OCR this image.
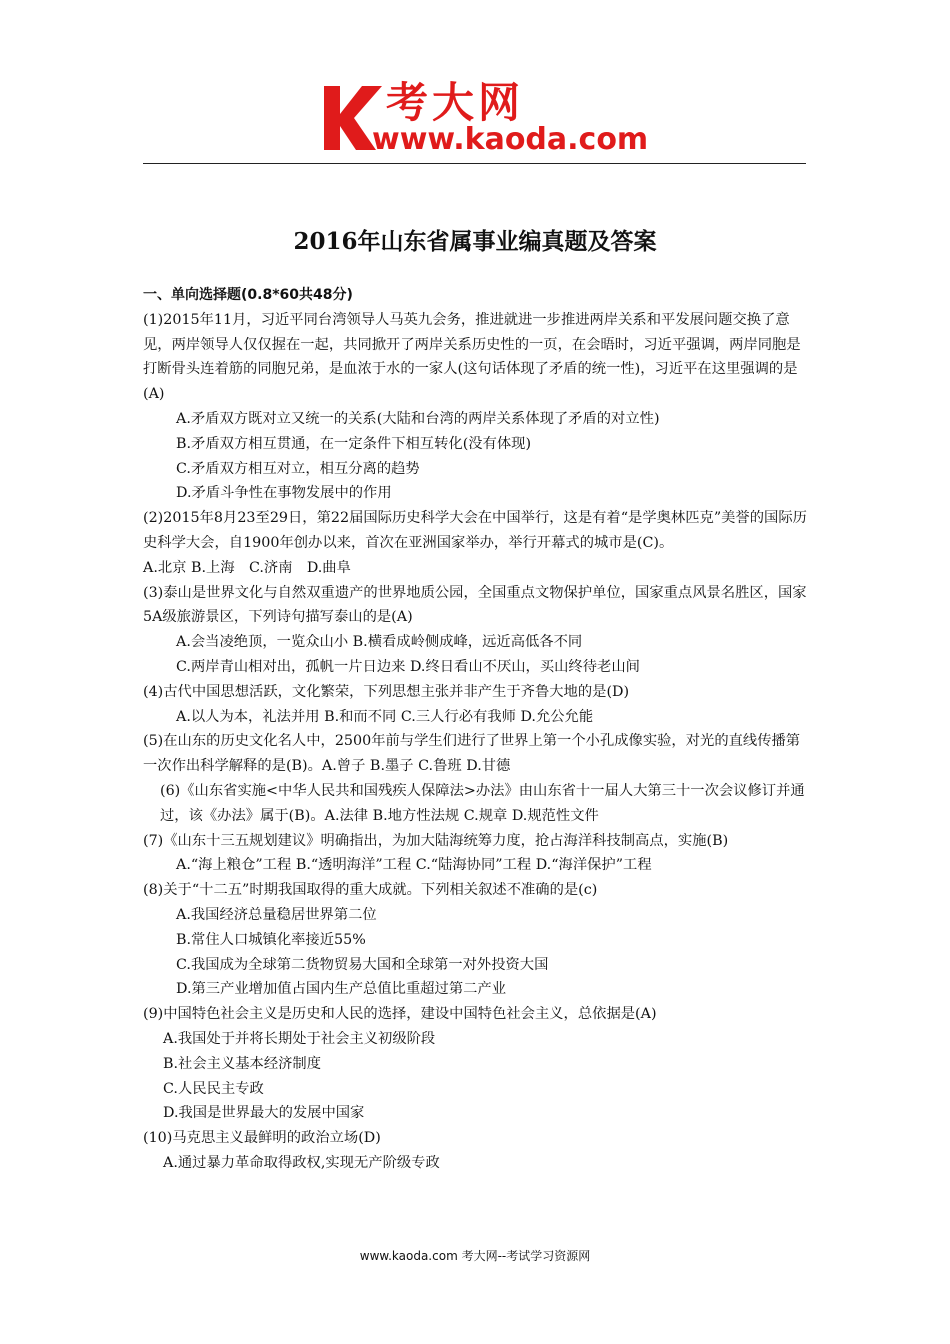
考大网
www.kaoda.com
2016年山东省属事业编真题及答案

一、单向选择题(0.8*60共48分)

(1)2015年11月，习近平同台湾领导人马英九会务，推进就进一步推进两岸关系和平发展问题交换了意见，两岸领导人仅仅握在一起，共同掀开了两岸关系历史性的一页，在会晤时，习近平强调，两岸同胞是打断骨头连着筋的同胞兄弟，是血浓于水的一家人(这句话体现了矛盾的统一性)，习近平在这里强调的是(A)

A.矛盾双方既对立又统一的关系(大陆和台湾的两岸关系体现了矛盾的对立性)

B.矛盾双方相互贯通，在一定条件下相互转化(没有体现)

C.矛盾双方相互对立，相互分离的趋势

D.矛盾斗争性在事物发展中的作用

(2)2015年8月23至29日，第22届国际历史科学大会在中国举行，这是有着“是学奥林匹克”美誉的国际历史科学大会，自1900年创办以来，首次在亚洲国家举办，举行开幕式的城市是(C)。

A.北京 B.上海　C.济南　D.曲阜

(3)泰山是世界文化与自然双重遗产的世界地质公园，全国重点文物保护单位，国家重点风景名胜区，国家5A级旅游景区，下列诗句描写泰山的是(A)

A.会当凌绝顶，一览众山小 B.横看成岭侧成峰，远近高低各不同

C.两岸青山相对出，孤帆一片日边来 D.终日看山不厌山，买山终待老山间

(4)古代中国思想活跃，文化繁荣，下列思想主张并非产生于齐鲁大地的是(D)

A.以人为本，礼法并用 B.和而不同 C.三人行必有我师 D.允公允能

(5)在山东的历史文化名人中，2500年前与学生们进行了世界上第一个小孔成像实验，对光的直线传播第一次作出科学解释的是(B)。A.曾子 B.墨子 C.鲁班 D.甘德

(6)《山东省实施<中华人民共和国残疾人保障法>办法》由山东省十一届人大第三十一次会议修订并通过，该《办法》属于(B)。A.法律 B.地方性法规 C.规章 D.规范性文件

(7)《山东十三五规划建议》明确指出，为加大陆海统筹力度，抢占海洋科技制高点，实施(B)

A.“海上粮仓”工程 B.“透明海洋”工程 C.“陆海协同”工程 D.“海洋保护”工程

(8)关于“十二五”时期我国取得的重大成就。下列相关叙述不准确的是(c)

A.我国经济总量稳居世界第二位

B.常住人口城镇化率接近55%

C.我国成为全球第二货物贸易大国和全球第一对外投资大国

D.第三产业增加值占国内生产总值比重超过第二产业

(9)中国特色社会主义是历史和人民的选择，建设中国特色社会主义，总依据是(A)

A.我国处于并将长期处于社会主义初级阶段

B.社会主义基本经济制度

C.人民民主专政

D.我国是世界最大的发展中国家

(10)马克思主义最鲜明的政治立场(D)

A.通过暴力革命取得政权,实现无产阶级专政

www.kaoda.com 考大网--考试学习资源网
